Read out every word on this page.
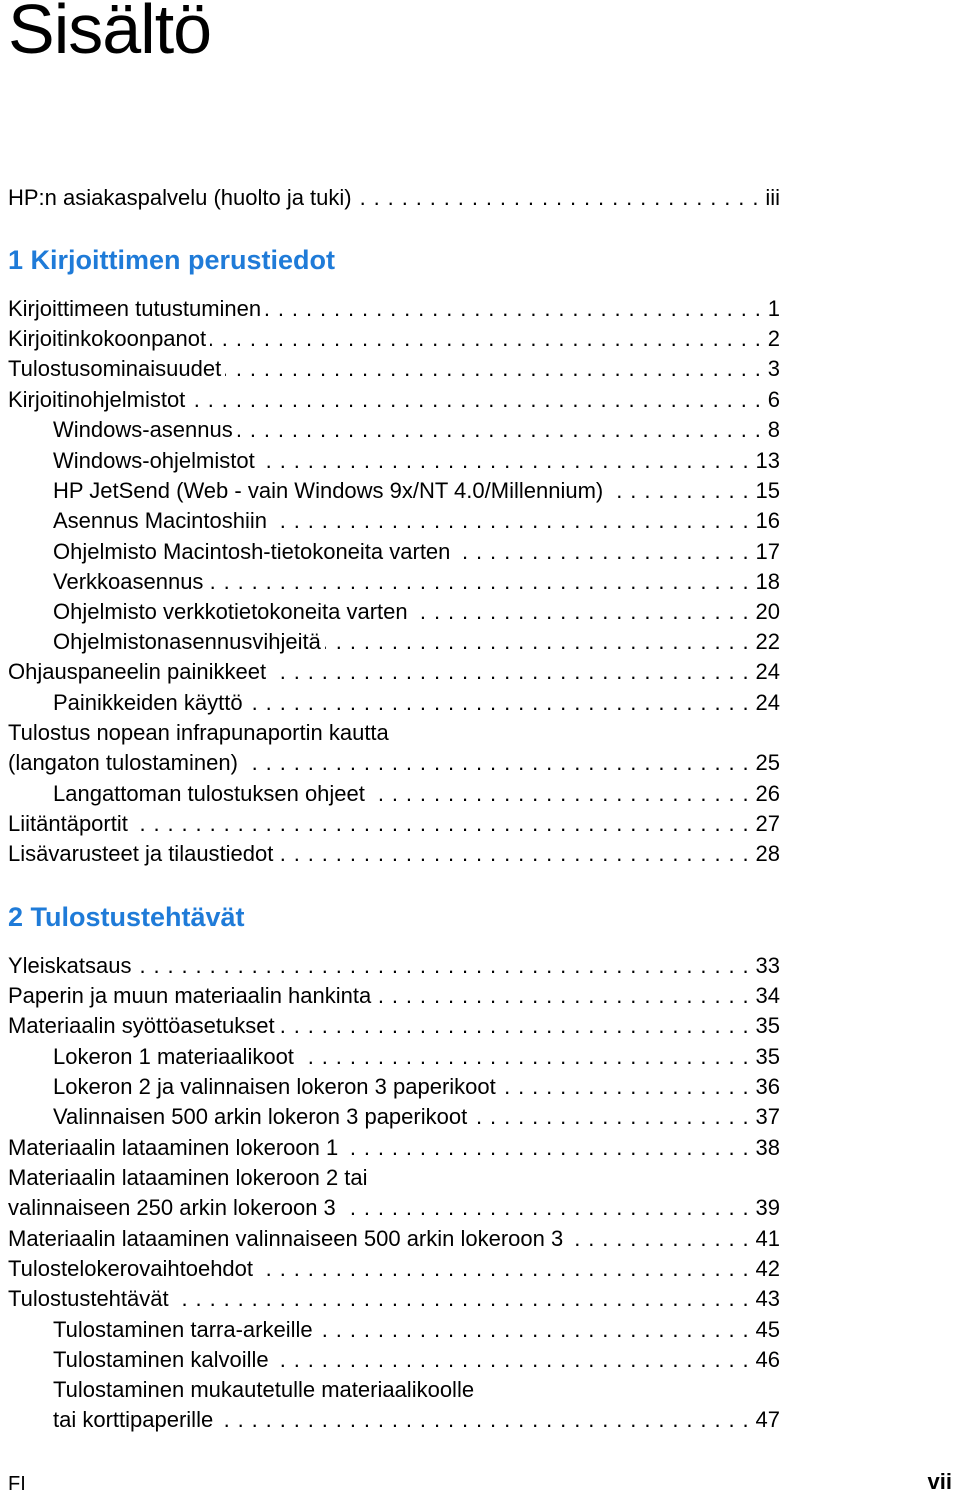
Sisältö
HP:n asiakaspalvelu (huolto ja tuki) . . .	iii
1 Kirjoittimen perustiedot
Kirjoittimeen tutustuminen . . .	1
Kirjoitinkokoonpanot . . .	2
Tulostusominaisuudet . . .	3
Kirjoitinohjelmistot . . .	6
Windows-asennus . . .	8
Windows-ohjelmistot . . .	13
HP JetSend (Web - vain Windows 9x/NT 4.0/Millennium) . . .	15
Asennus Macintoshiin . . .	16
Ohjelmisto Macintosh-tietokoneita varten . . .	17
Verkkoasennus . . .	18
Ohjelmisto verkkotietokoneita varten . . .	20
Ohjelmistonasennusvihjeitä . . .	22
Ohjauspaneelin painikkeet . . .	24
Painikkeiden käyttö . . .	24
Tulostus nopean infrapunaportin kautta
(langaton tulostaminen) . . .	25
Langattoman tulostuksen ohjeet . . .	26
Liitäntäportit . . .	27
Lisävarusteet ja tilaustiedot . . .	28
2 Tulostustehtävät
Yleiskatsaus . . .	33
Paperin ja muun materiaalin hankinta . . .	34
Materiaalin syöttöasetukset . . .	35
Lokeron 1 materiaalikoot . . .	35
Lokeron 2 ja valinnaisen lokeron 3 paperikoot . . .	36
Valinnaisen 500 arkin lokeron 3 paperikoot . . .	37
Materiaalin lataaminen lokeroon 1 . . .	38
Materiaalin lataaminen lokeroon 2 tai
valinnaiseen 250 arkin lokeroon 3 . . .	39
Materiaalin lataaminen valinnaiseen 500 arkin lokeroon 3 . . .	41
Tulostelokerovaihtoehdot . . .	42
Tulostustehtävät . . .	43
Tulostaminen tarra-arkeille . . .	45
Tulostaminen kalvoille . . .	46
Tulostaminen mukautetulle materiaalikoolle
tai korttipaperille . . .	47
FI	vii
